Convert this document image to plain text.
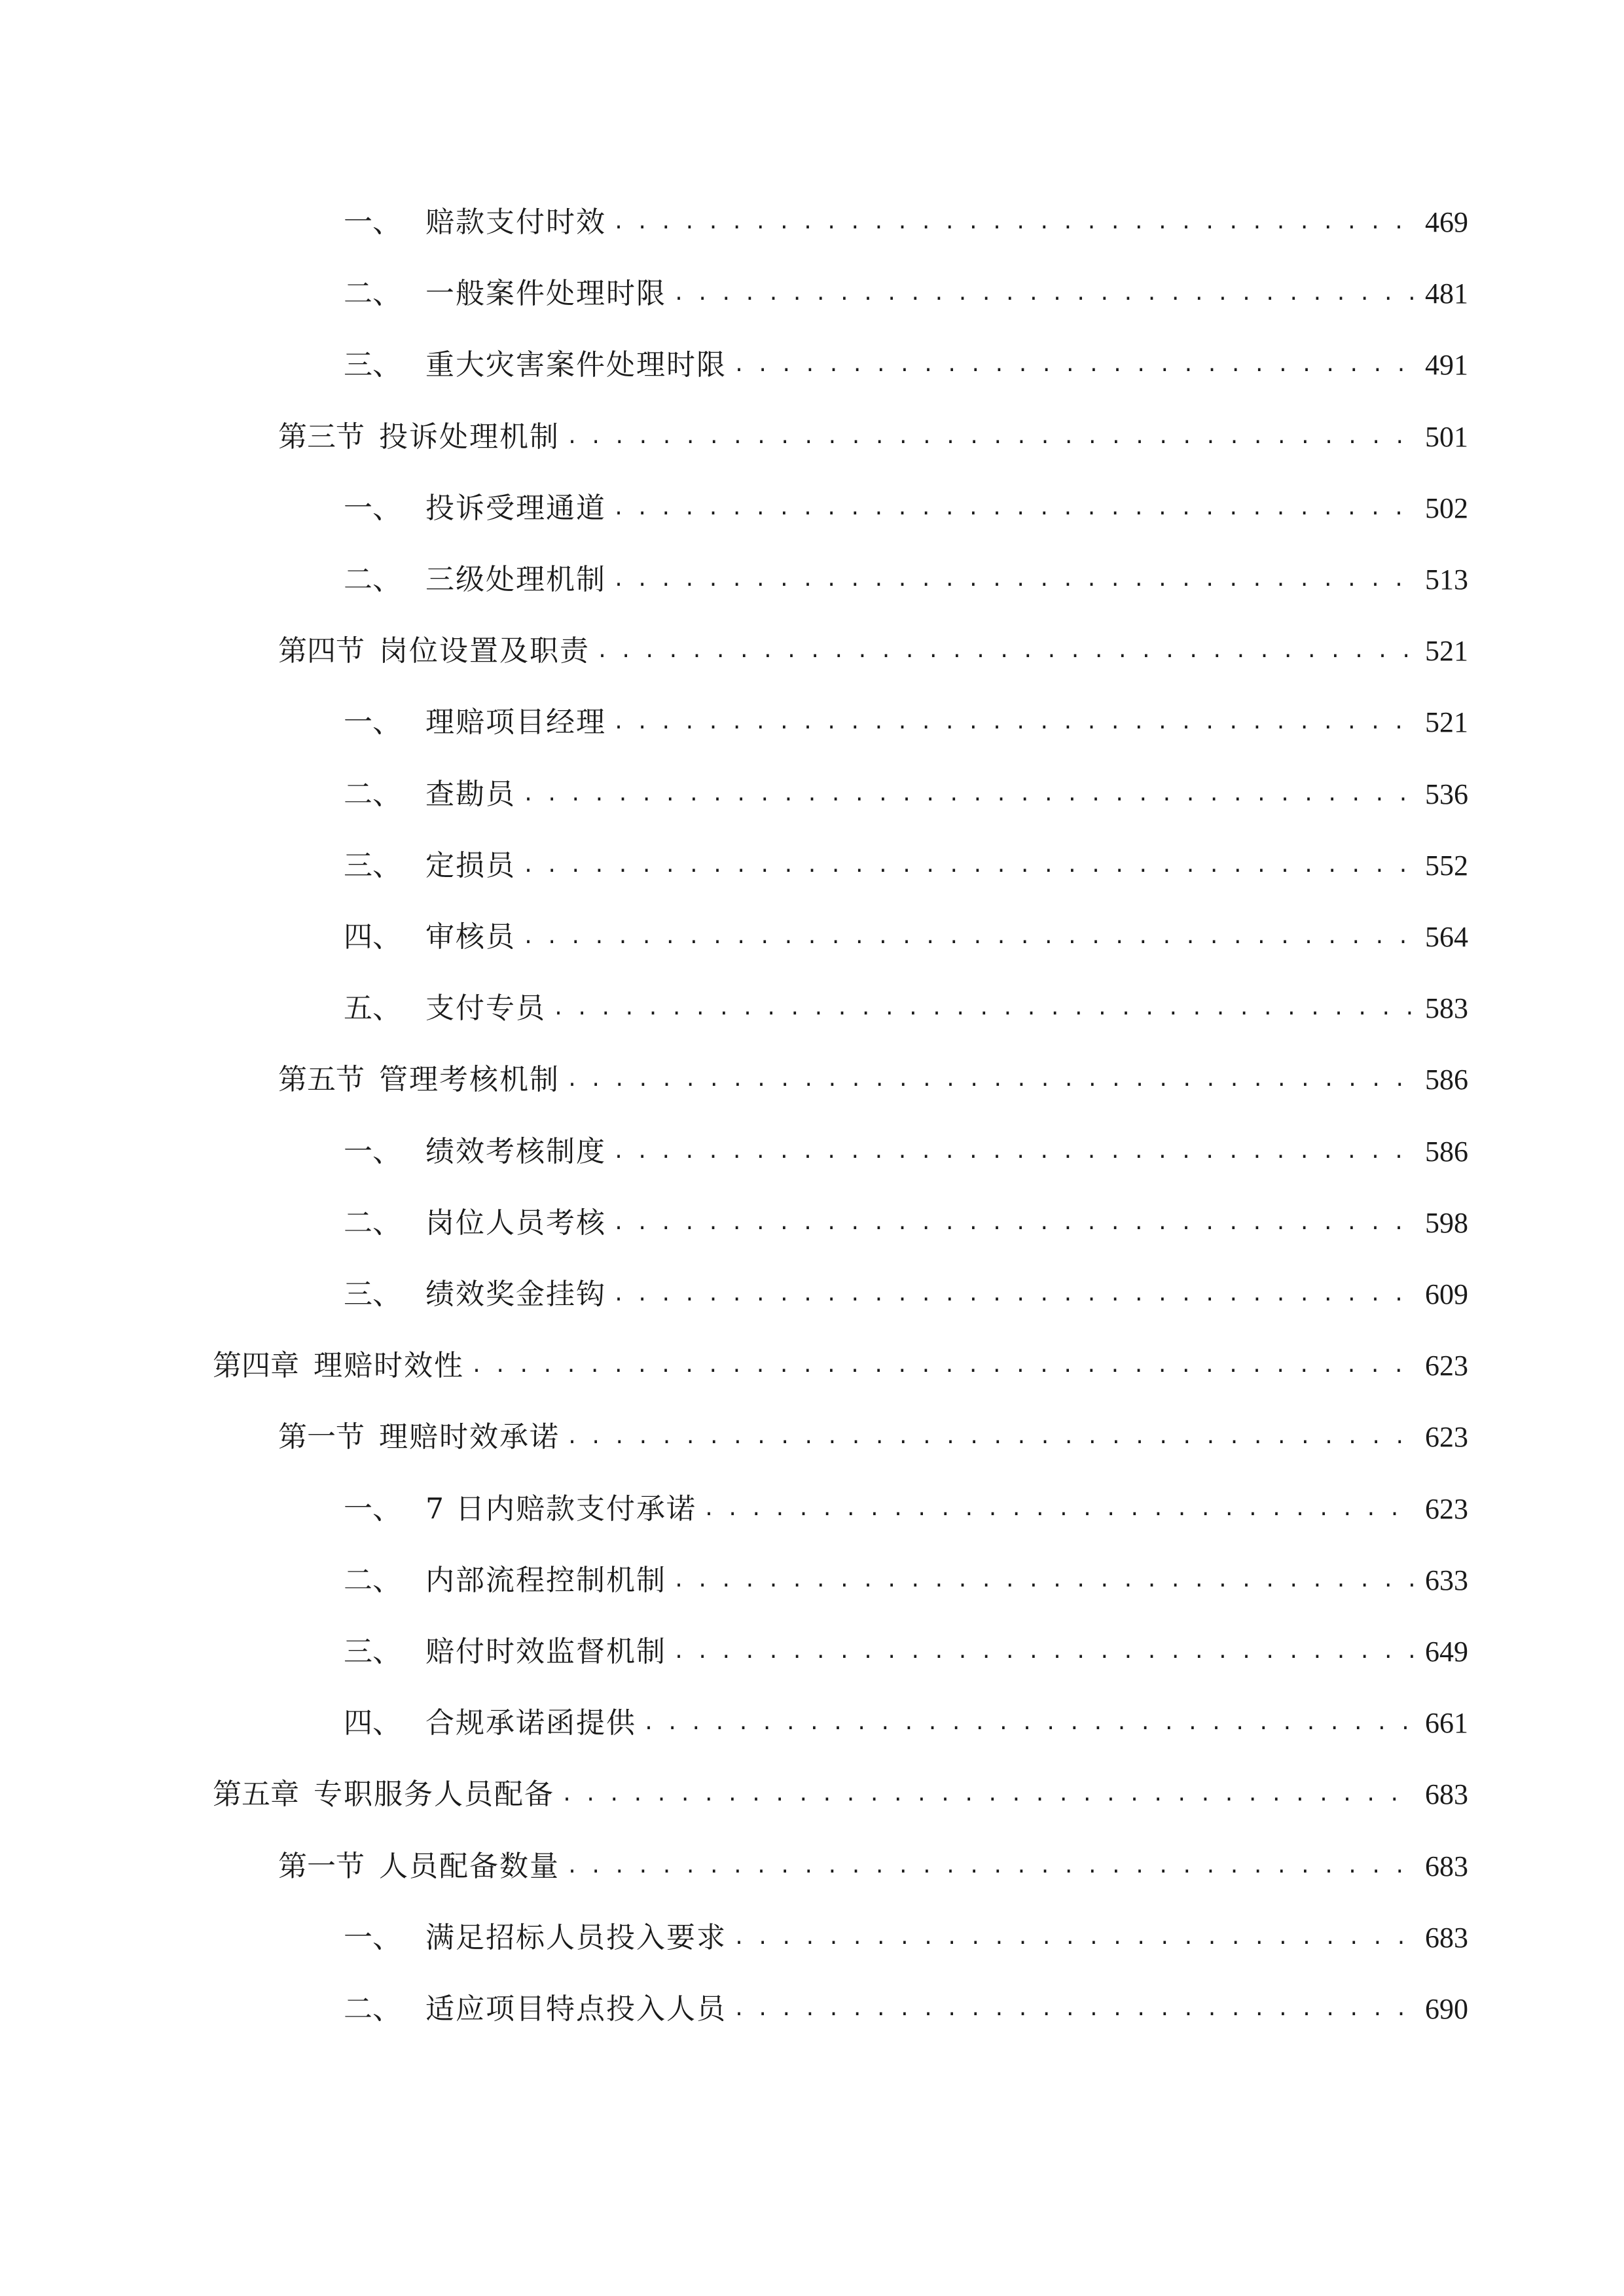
一、 赔款支付时效 . . .	469
二、 一般案件处理时限 . . .	481
三、 重大灾害案件处理时限 . . .	491
第三节 投诉处理机制 . . .	501
一、 投诉受理通道 . . .	502
二、 三级处理机制 . . .	513
第四节 岗位设置及职责 . . .	521
一、 理赔项目经理 . . .	521
二、 查勘员 . . .	536
三、 定损员 . . .	552
四、 审核员 . . .	564
五、 支付专员 . . .	583
第五节 管理考核机制 . . .	586
一、 绩效考核制度 . . .	586
二、 岗位人员考核 . . .	598
三、 绩效奖金挂钩 . . .	609
第四章 理赔时效性 . . .	623
第一节 理赔时效承诺 . . .	623
一、 7 日内赔款支付承诺 . . .	623
二、 内部流程控制机制 . . .	633
三、 赔付时效监督机制 . . .	649
四、 合规承诺函提供 . . .	661
第五章 专职服务人员配备 . . .	683
第一节 人员配备数量 . . .	683
一、 满足招标人员投入要求 . . .	683
二、 适应项目特点投入人员 . . .	690
